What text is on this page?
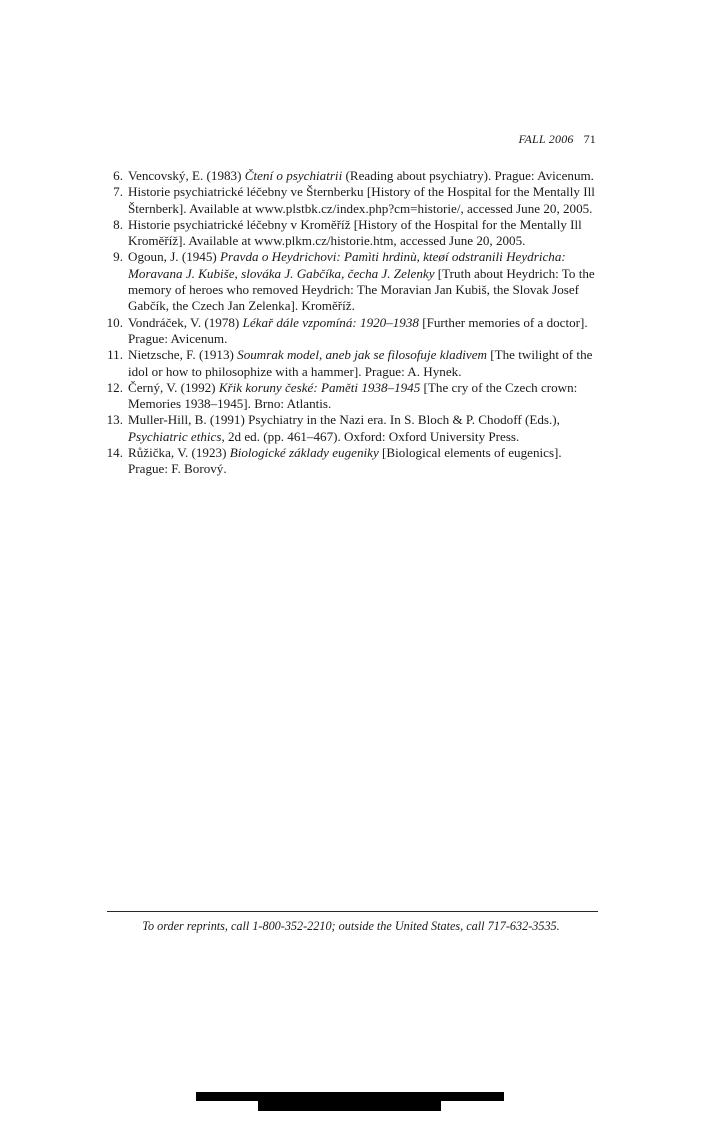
FALL 2006 71
6. Vencovský, E. (1983) Čtení o psychiatrii (Reading about psychiatry). Prague: Avicenum.
7. Historie psychiatrické léčebny ve Šternberku [History of the Hospital for the Mentally Ill Šternberk]. Available at www.plstbk.cz/index.php?cm=historie/, accessed June 20, 2005.
8. Historie psychiatrické léčebny v Kroměříž [History of the Hospital for the Mentally Ill Kroměříž]. Available at www.plkm.cz/historie.htm, accessed June 20, 2005.
9. Ogoun, J. (1945) Pravda o Heydrichovi: Pamìti hrdinù, kteøí odstranili Heydricha: Moravana J. Kubiše, slováka J. Gabčíka, čecha J. Zelenky [Truth about Heydrich: To the memory of heroes who removed Heydrich: The Moravian Jan Kubiš, the Slovak Josef Gabčík, the Czech Jan Zelenka]. Kroměříž.
10. Vondráček, V. (1978) Lékař dále vzpomíná: 1920–1938 [Further memories of a doctor]. Prague: Avicenum.
11. Nietzsche, F. (1913) Soumrak model, aneb jak se filosofuje kladivem [The twilight of the idol or how to philosophize with a hammer]. Prague: A. Hynek.
12. Černý, V. (1992) Křik koruny české: Paměti 1938–1945 [The cry of the Czech crown: Memories 1938–1945]. Brno: Atlantis.
13. Muller-Hill, B. (1991) Psychiatry in the Nazi era. In S. Bloch & P. Chodoff (Eds.), Psychiatric ethics, 2d ed. (pp. 461–467). Oxford: Oxford University Press.
14. Růžička, V. (1923) Biologické základy eugeniky [Biological elements of eugenics]. Prague: F. Borový.
To order reprints, call 1-800-352-2210; outside the United States, call 717-632-3535.
